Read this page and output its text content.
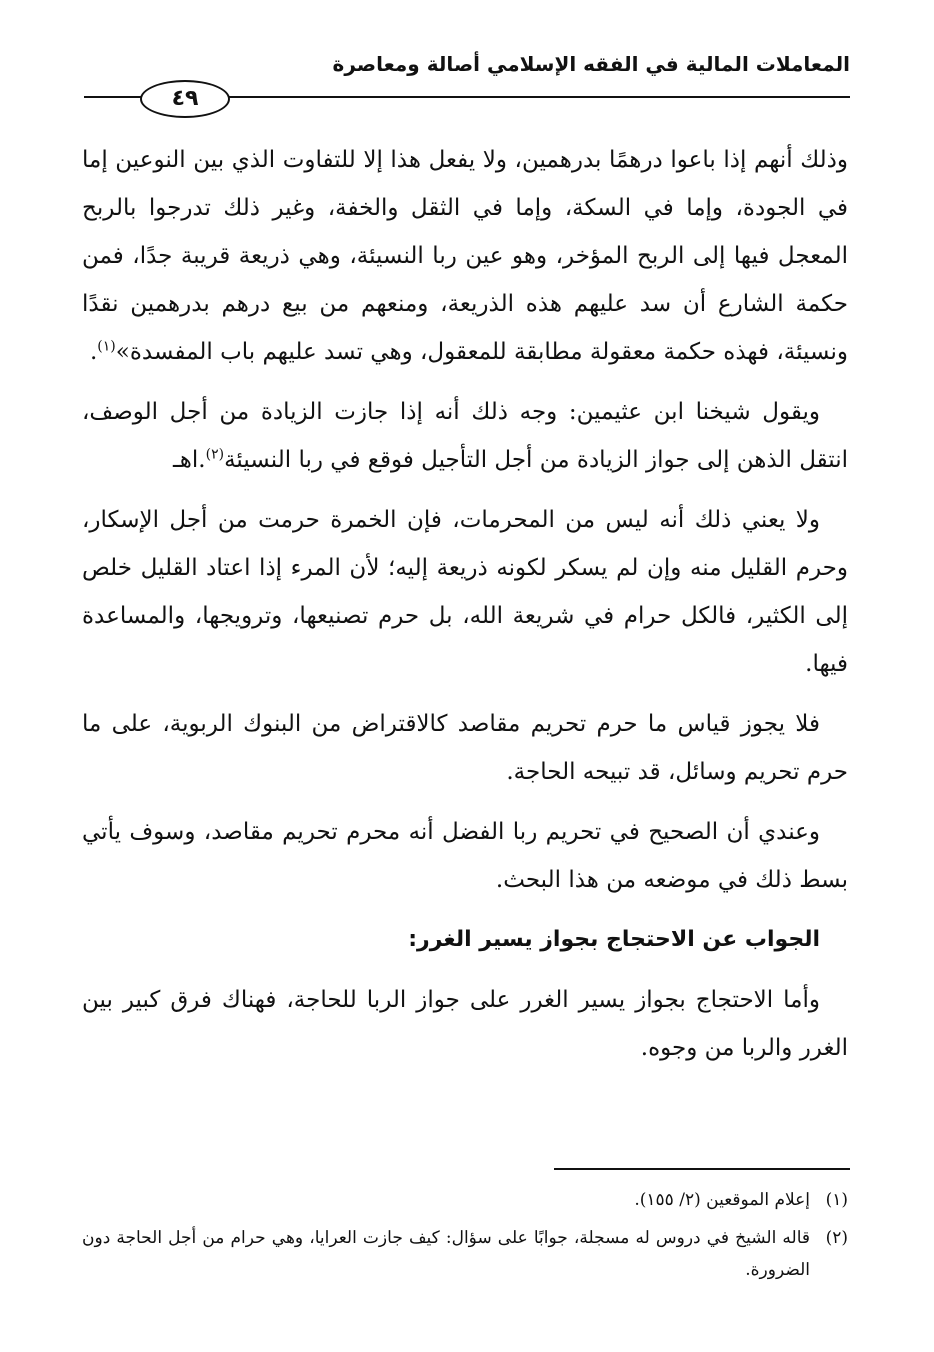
المعاملات المالية في الفقه الإسلامي أصالة ومعاصرة
٤٩

وذلك أنهم إذا باعوا درهمًا بدرهمين، ولا يفعل هذا إلا للتفاوت الذي بين النوعين إما في الجودة، وإما في السكة، وإما في الثقل والخفة، وغير ذلك تدرجوا بالربح المعجل فيها إلى الربح المؤخر، وهو عين ربا النسيئة، وهي ذريعة قريبة جدًا، فمن حكمة الشارع أن سد عليهم هذه الذريعة، ومنعهم من بيع درهم بدرهمين نقدًا ونسيئة، فهذه حكمة معقولة مطابقة للمعقول، وهي تسد عليهم باب المفسدة»$^{(١)}$.

ويقول شيخنا ابن عثيمين: وجه ذلك أنه إذا جازت الزيادة من أجل الوصف، انتقل الذهن إلى جواز الزيادة من أجل التأجيل فوقع في ربا النسيئة$^{(٢)}$.اهـ

ولا يعني ذلك أنه ليس من المحرمات، فإن الخمرة حرمت من أجل الإسكار، وحرم القليل منه وإن لم يسكر لكونه ذريعة إليه؛ لأن المرء إذا اعتاد القليل خلص إلى الكثير، فالكل حرام في شريعة الله، بل حرم تصنيعها، وترويجها، والمساعدة فيها.

فلا يجوز قياس ما حرم تحريم مقاصد كالاقتراض من البنوك الربوية، على ما حرم تحريم وسائل، قد تبيحه الحاجة.

وعندي أن الصحيح في تحريم ربا الفضل أنه محرم تحريم مقاصد، وسوف يأتي بسط ذلك في موضعه من هذا البحث.

الجواب عن الاحتجاج بجواز يسير الغرر:

وأما الاحتجاج بجواز يسير الغرر على جواز الربا للحاجة، فهناك فرق كبير بين الغرر والربا من وجوه.

(١)
إعلام الموقعين (٢/ ١٥٥).
(٢)
قاله الشيخ في دروس له مسجلة، جوابًا على سؤال: كيف جازت العرايا، وهي حرام من أجل الحاجة دون الضرورة.
